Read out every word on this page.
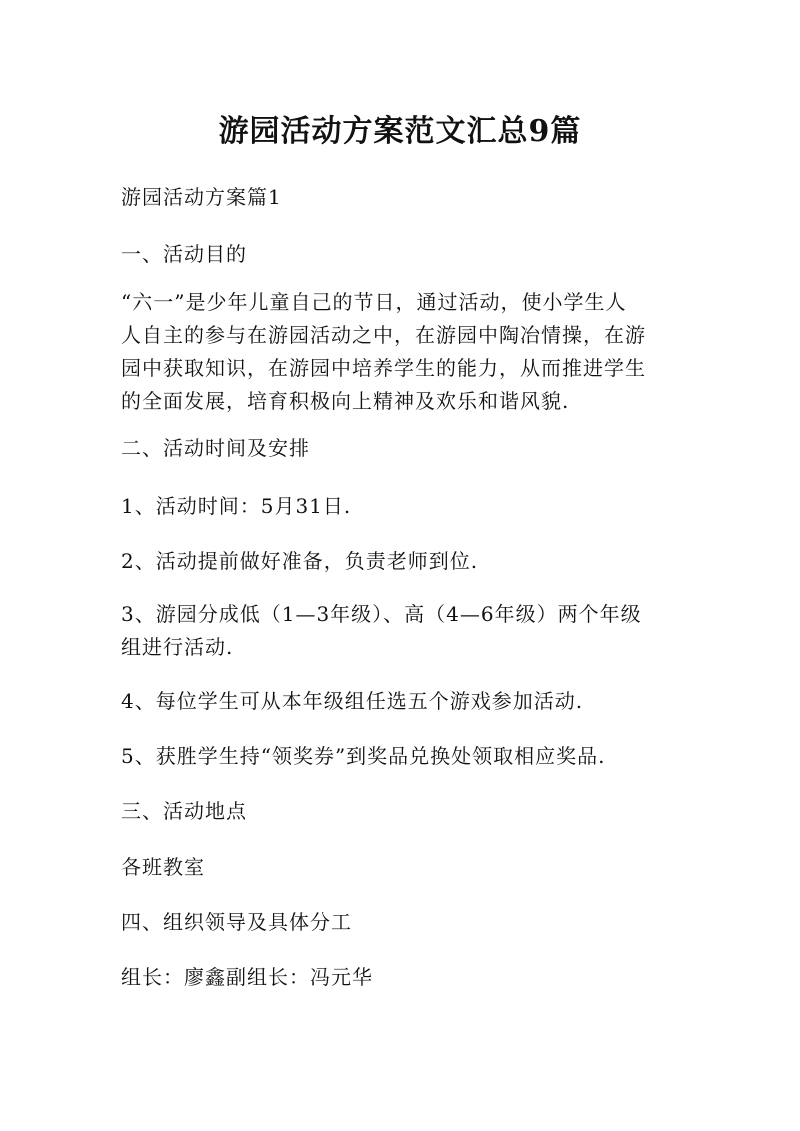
游园活动方案范文汇总9篇
游园活动方案篇1
一、活动目的
“六一”是少年儿童自己的节日，通过活动，使小学生人
人自主的参与在游园活动之中，在游园中陶冶情操，在游
园中获取知识，在游园中培养学生的能力，从而推进学生
的全面发展，培育积极向上精神及欢乐和谐风貌.
二、活动时间及安排
1、活动时间：5月31日.
2、活动提前做好准备，负责老师到位.
3、游园分成低（1—3年级）、高（4—6年级）两个年级
组进行活动.
4、每位学生可从本年级组任选五个游戏参加活动.
5、获胜学生持“领奖券”到奖品兑换处领取相应奖品.
三、活动地点
各班教室
四、组织领导及具体分工
组长：廖鑫副组长：冯元华
